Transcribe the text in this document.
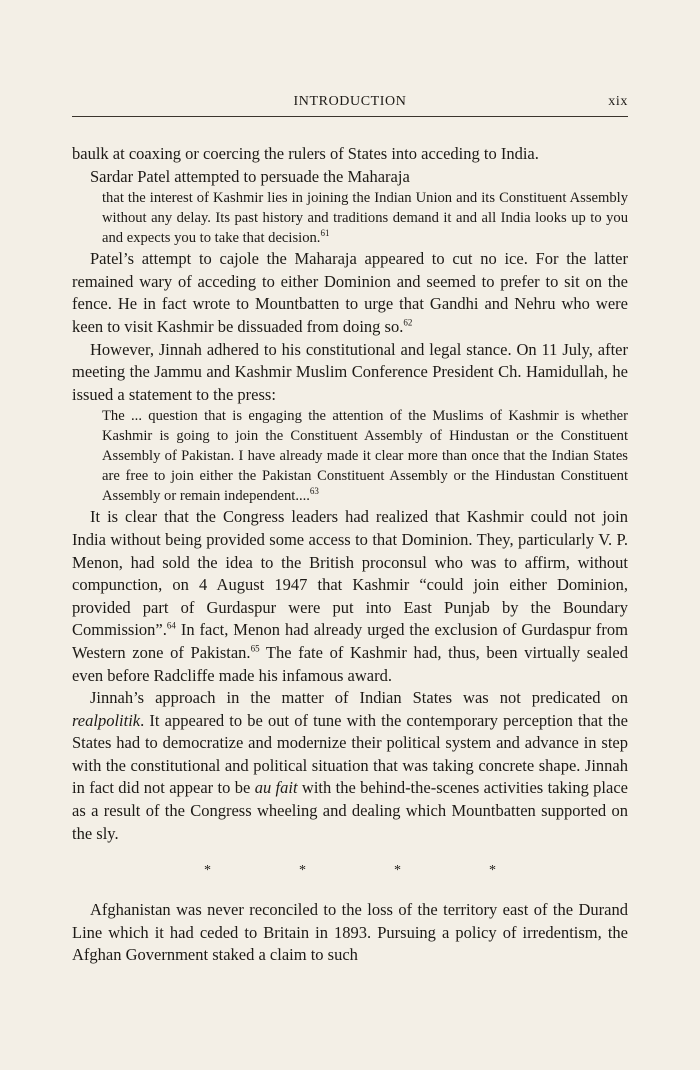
INTRODUCTION	xix

baulk at coaxing or coercing the rulers of States into acceding to India.

Sardar Patel attempted to persuade the Maharaja

that the interest of Kashmir lies in joining the Indian Union and its Constituent Assembly without any delay. Its past history and traditions demand it and all India looks up to you and expects you to take that decision.$^{61}$

Patel’s attempt to cajole the Maharaja appeared to cut no ice. For the latter remained wary of acceding to either Dominion and seemed to prefer to sit on the fence. He in fact wrote to Mountbatten to urge that Gandhi and Nehru who were keen to visit Kashmir be dissuaded from doing so.$^{62}$

However, Jinnah adhered to his constitutional and legal stance. On 11 July, after meeting the Jammu and Kashmir Muslim Conference President Ch. Hamidullah, he issued a statement to the press:

The ... question that is engaging the attention of the Muslims of Kashmir is whether Kashmir is going to join the Constituent Assembly of Hindustan or the Constituent Assembly of Pakistan. I have already made it clear more than once that the Indian States are free to join either the Pakistan Constituent Assembly or the Hindustan Constituent Assembly or remain independent....$^{63}$

It is clear that the Congress leaders had realized that Kashmir could not join India without being provided some access to that Dominion. They, particularly V. P. Menon, had sold the idea to the British proconsul who was to affirm, without compunction, on 4 August 1947 that Kashmir “could join either Dominion, provided part of Gurdaspur were put into East Punjab by the Boundary Commission”.$^{64}$ In fact, Menon had already urged the exclusion of Gurdaspur from Western zone of Pakistan.$^{65}$ The fate of Kashmir had, thus, been virtually sealed even before Radcliffe made his infamous award.

Jinnah’s approach in the matter of Indian States was not predicated on realpolitik. It appeared to be out of tune with the contemporary perception that the States had to democratize and modernize their political system and advance in step with the constitutional and political situation that was taking concrete shape. Jinnah in fact did not appear to be au fait with the behind-the-scenes activities taking place as a result of the Congress wheeling and dealing which Mountbatten supported on the sly.

*	*	*	*

Afghanistan was never reconciled to the loss of the territory east of the Durand Line which it had ceded to Britain in 1893. Pursuing a policy of irredentism, the Afghan Government staked a claim to such
